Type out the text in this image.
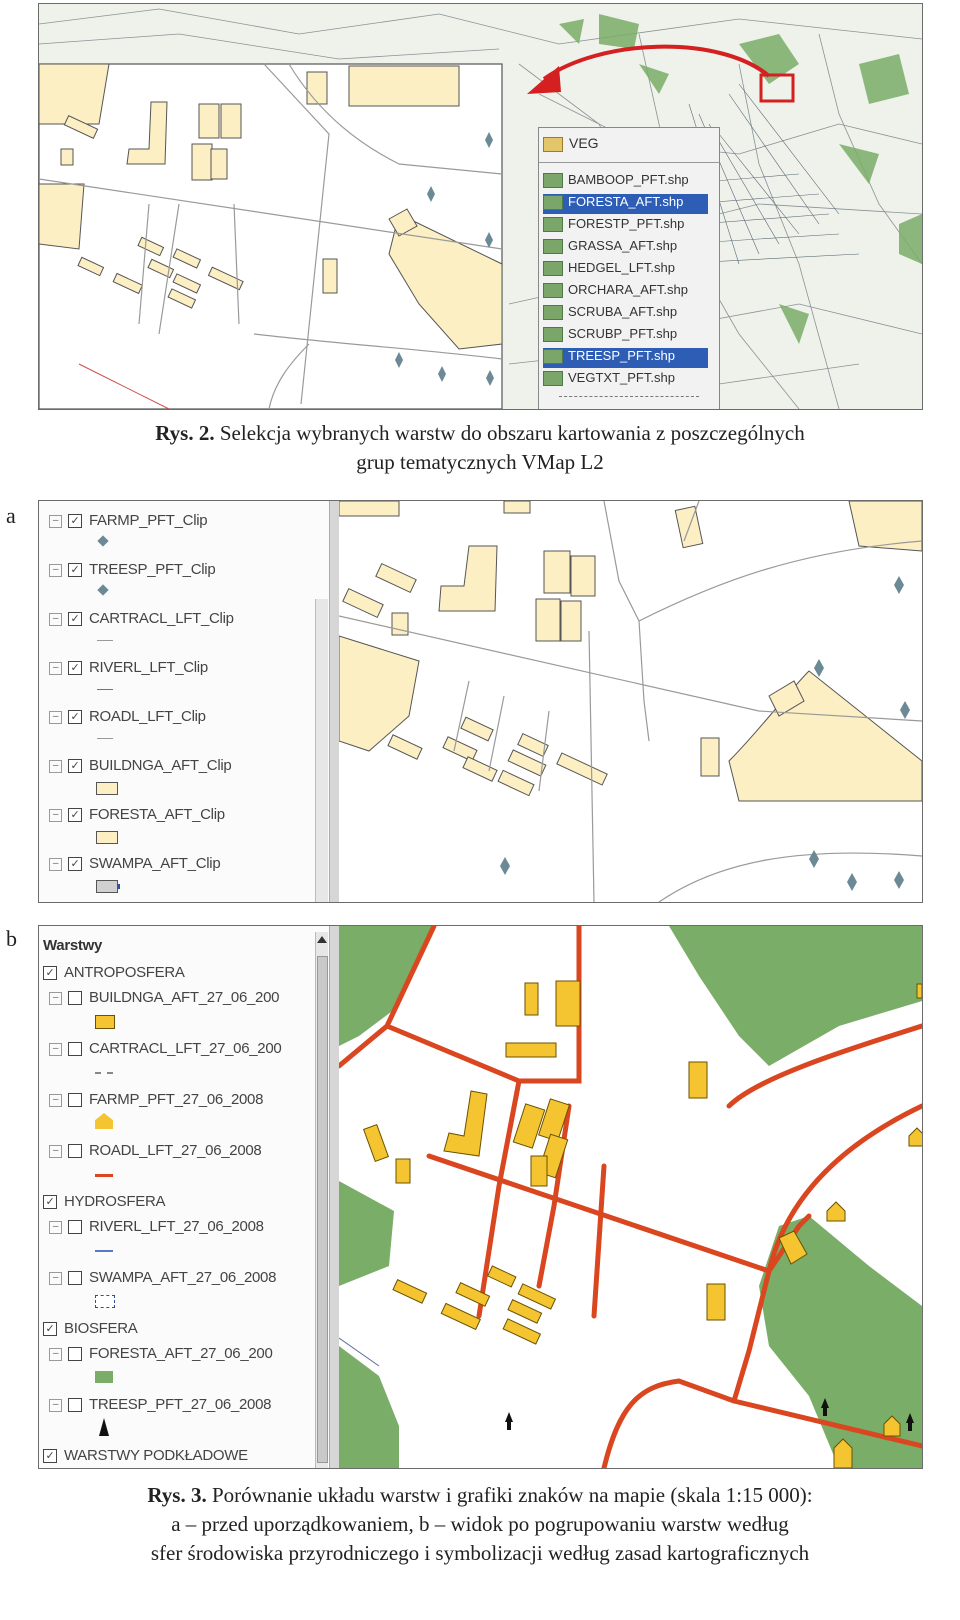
VEG
BAMBOOP_PFT.shp
FORESTA_AFT.shp
FORESTP_PFT.shp
GRASSA_AFT.shp
HEDGEL_LFT.shp
ORCHARA_AFT.shp
SCRUBA_AFT.shp
SCRUBP_PFT.shp
TREESP_PFT.shp
VEGTXT_PFT.shp
Rys. 2. Selekcja wybranych warstw do obszaru kartowania z poszczególnych
grup tematycznych VMap L2
a	– ✓ FARMP_PFT_Clip
– ✓ TREESP_PFT_Clip
– ✓ CARTRACL_LFT_Clip
– ✓ RIVERL_LFT_Clip
– ✓ ROADL_LFT_Clip
– ✓ BUILDNGA_AFT_Clip
– ✓ FORESTA_AFT_Clip
– ✓ SWAMPA_AFT_Clip
b Warstwy
✓ ANTROPOSFERA
– BUILDNGA_AFT_27_06_200
– CARTRACL_LFT_27_06_200
– FARMP_PFT_27_06_2008
– ROADL_LFT_27_06_2008
✓ HYDROSFERA
– RIVERL_LFT_27_06_2008
– SWAMPA_AFT_27_06_2008
✓ BIOSFERA
– FORESTA_AFT_27_06_200
– TREESP_PFT_27_06_2008
✓ WARSTWY PODKŁADOWE
Rys. 3. Porównanie układu warstw i grafiki znaków na mapie (skala 1:15 000):
a – przed uporządkowaniem, b – widok po pogrupowaniu warstw według
sfer środowiska przyrodniczego i symbolizacji według zasad kartograficznych
